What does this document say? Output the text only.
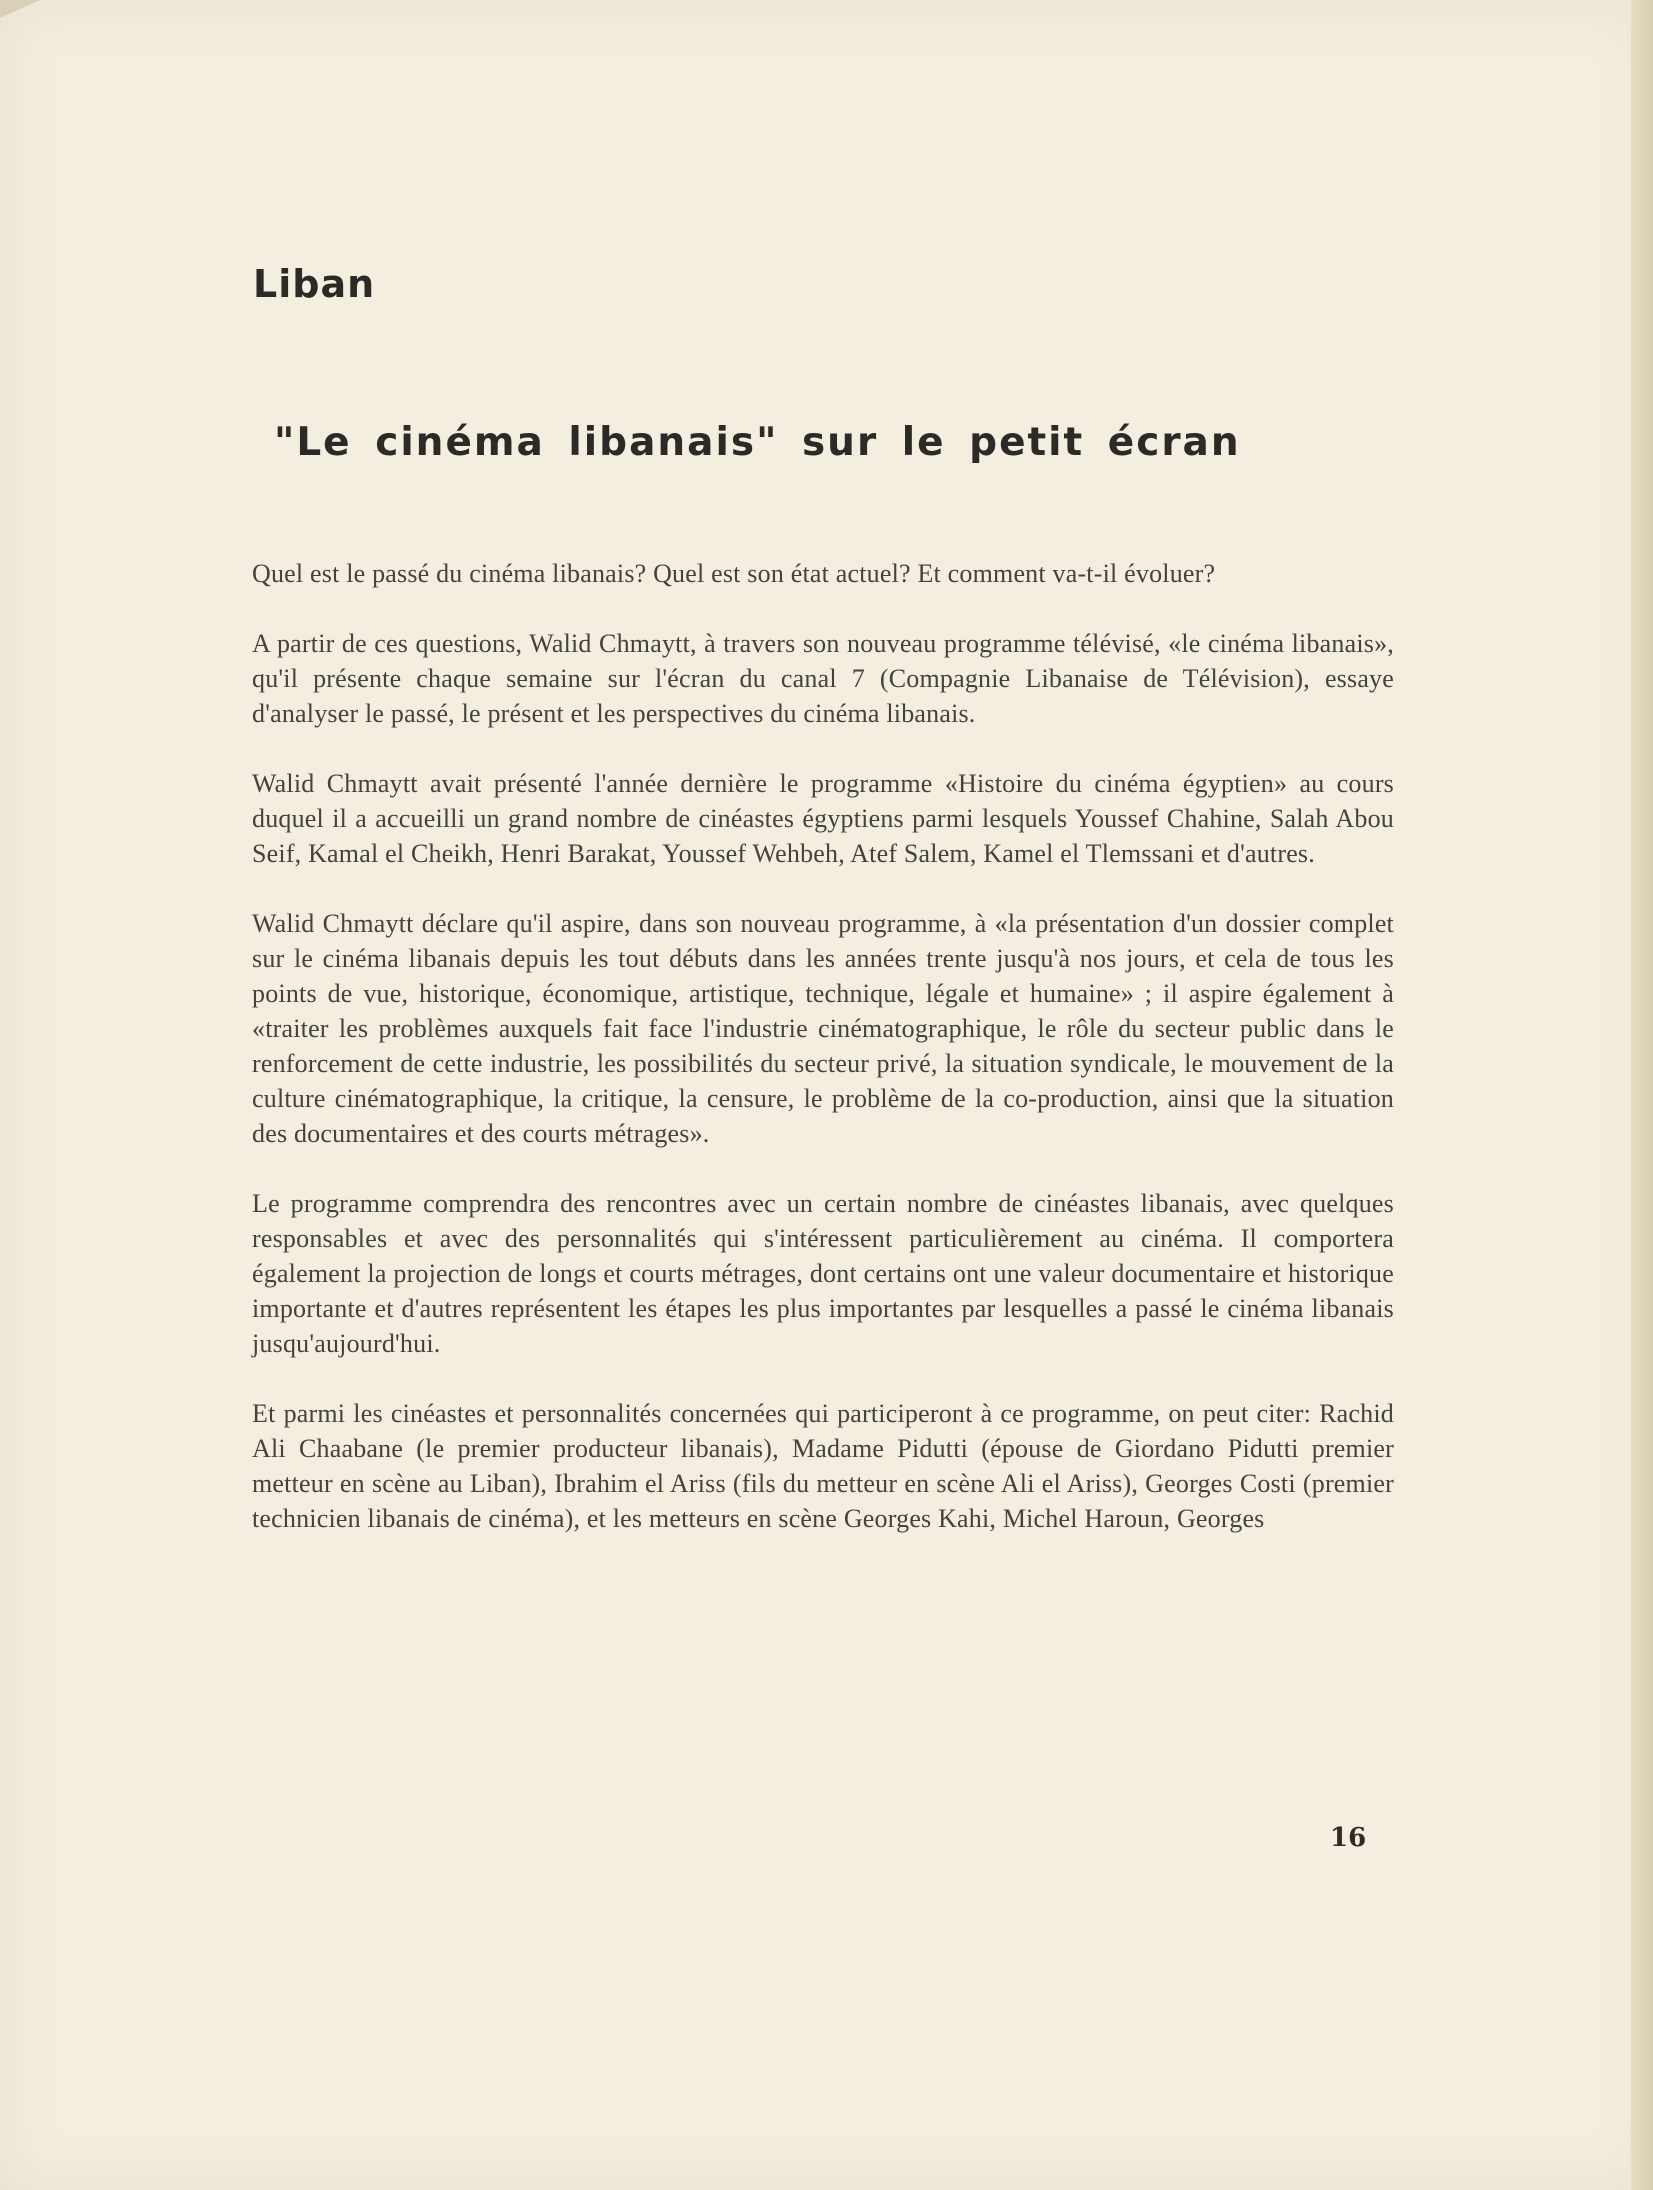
Liban
"Le cinéma libanais" sur le petit écran

Quel est le passé du cinéma libanais? Quel est son état actuel? Et comment va-t-il évoluer?

A partir de ces questions, Walid Chmaytt, à travers son nouveau programme télévisé, «le cinéma libanais», qu'il présente chaque semaine sur l'écran du canal 7 (Compagnie Libanaise de Télévision), essaye d'analyser le passé, le présent et les perspectives du cinéma libanais.

Walid Chmaytt avait présenté l'année dernière le programme «Histoire du cinéma égyptien» au cours duquel il a accueilli un grand nombre de cinéastes égyptiens parmi lesquels Youssef Chahine, Salah Abou Seif, Kamal el Cheikh, Henri Barakat, Youssef Wehbeh, Atef Salem, Kamel el Tlemssani et d'autres.

Walid Chmaytt déclare qu'il aspire, dans son nouveau programme, à «la présentation d'un dossier complet sur le cinéma libanais depuis les tout débuts dans les années trente jusqu'à nos jours, et cela de tous les points de vue, historique, économique, artistique, technique, légale et humaine» ; il aspire également à «traiter les problèmes auxquels fait face l'industrie cinématographique, le rôle du secteur public dans le renforcement de cette industrie, les possibilités du secteur privé, la situation syndicale, le mouvement de la culture cinématographique, la critique, la censure, le problème de la co-production, ainsi que la situation des documentaires et des courts métrages».

Le programme comprendra des rencontres avec un certain nombre de cinéastes libanais, avec quelques responsables et avec des personnalités qui s'intéressent particulièrement au cinéma. Il comportera également la projection de longs et courts métrages, dont certains ont une valeur documentaire et historique importante et d'autres représentent les étapes les plus importantes par lesquelles a passé le cinéma libanais jusqu'aujourd'hui.

Et parmi les cinéastes et personnalités concernées qui participeront à ce programme, on peut citer: Rachid Ali Chaabane (le premier producteur libanais), Madame Pidutti (épouse de Giordano Pidutti premier metteur en scène au Liban), Ibrahim el Ariss (fils du metteur en scène Ali el Ariss), Georges Costi (premier technicien libanais de cinéma), et les metteurs en scène Georges Kahi, Michel Haroun, Georges

16
